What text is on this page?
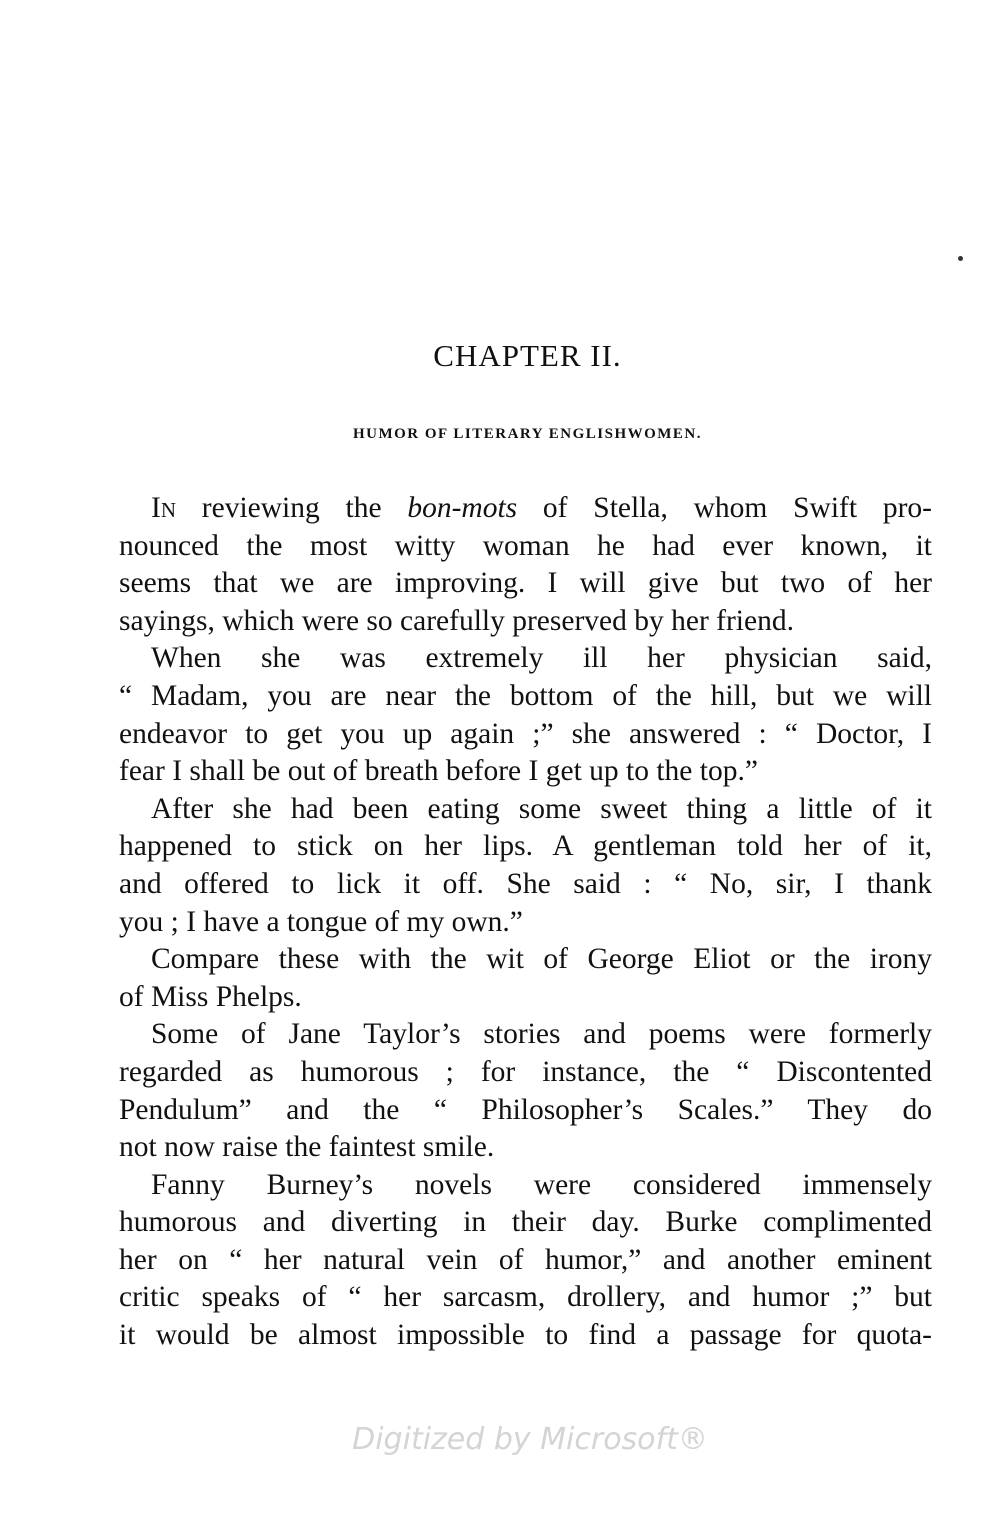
CHAPTER II.
HUMOR OF LITERARY ENGLISHWOMEN.
In reviewing the bon-mots of Stella, whom Swift pro-
nounced the most witty woman he had ever known, it
seems that we are improving. I will give but two of her
sayings, which were so carefully preserved by her friend.
When she was extremely ill her physician said,
“ Madam, you are near the bottom of the hill, but we will
endeavor to get you up again ;” she answered : “ Doctor, I
fear I shall be out of breath before I get up to the top.”
After she had been eating some sweet thing a little of it
happened to stick on her lips. A gentleman told her of it,
and offered to lick it off. She said : “ No, sir, I thank
you ; I have a tongue of my own.”
Compare these with the wit of George Eliot or the irony
of Miss Phelps.
Some of Jane Taylor’s stories and poems were formerly
regarded as humorous ; for instance, the “ Discontented
Pendulum” and the “ Philosopher’s Scales.” They do
not now raise the faintest smile.
Fanny Burney’s novels were considered immensely
humorous and diverting in their day. Burke complimented
her on “ her natural vein of humor,” and another eminent
critic speaks of “ her sarcasm, drollery, and humor ;” but
it would be almost impossible to find a passage for quota-
Digitized by Microsoft®
